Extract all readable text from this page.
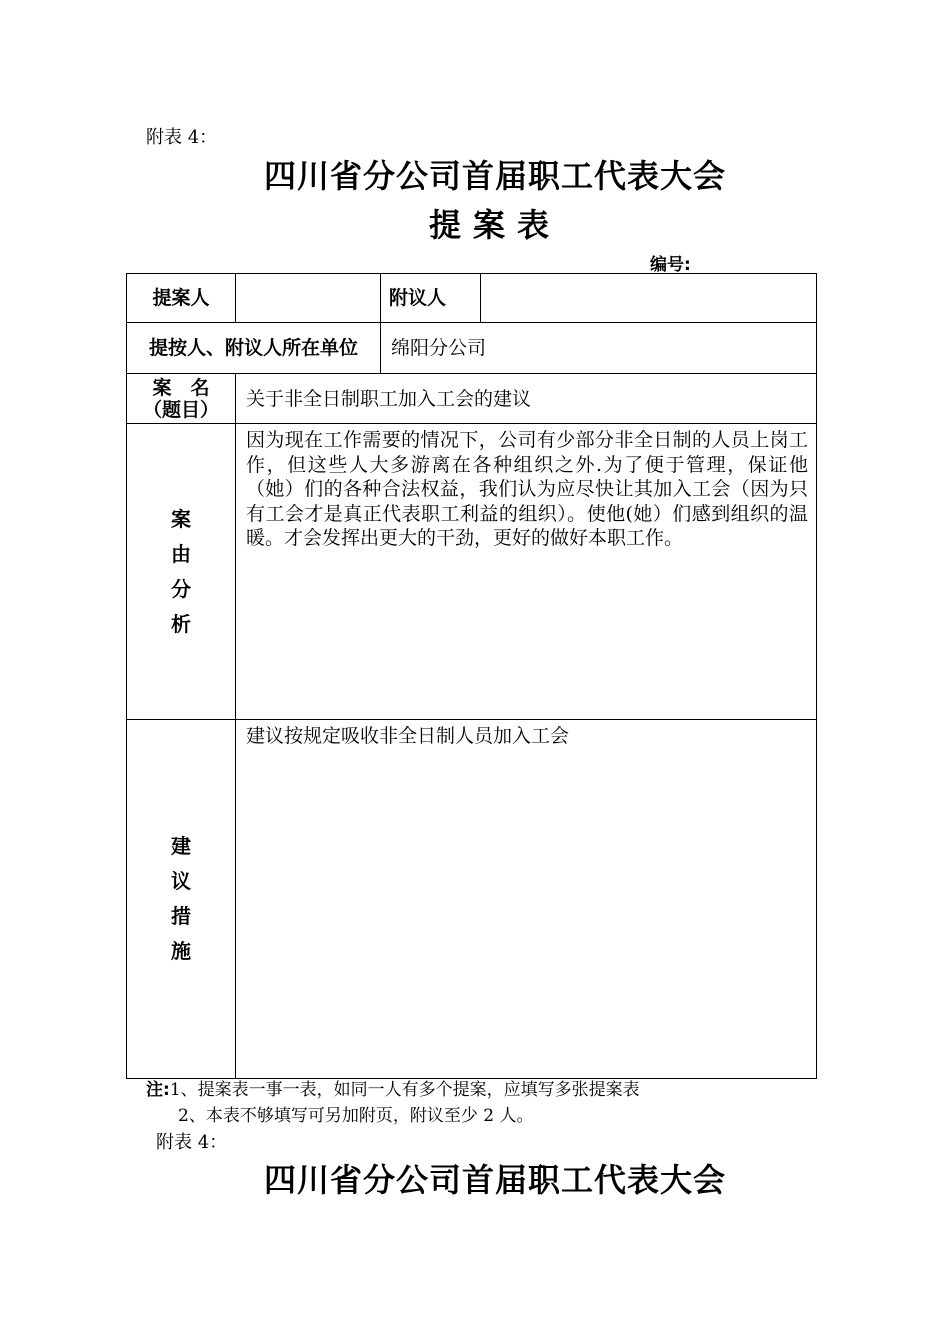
附表 4：
四川省分公司首届职工代表大会
提案表
编号:
提案人		附议人	
提按人、附议人所在单位		绵阳分公司	

案　名
（题目）	关于非全日制职工加入工会的建议		

案
由
分
析	因为现在工作需要的情况下，公司有少部分非全日制的人员上岗工作，但这些人大多游离在各种组织之外.为了便于管理，保证他（她）们的各种合法权益，我们认为应尽快让其加入工会（因为只有工会才是真正代表职工利益的组织）。使他(她）们感到组织的温暖。才会发挥出更大的干劲，更好的做好本职工作。		

建
议
措
施	建议按规定吸收非全日制人员加入工会		
注:1、提案表一事一表，如同一人有多个提案，应填写多张提案表
2、本表不够填写可另加附页，附议至少 2 人。
附表 4：
四川省分公司首届职工代表大会
